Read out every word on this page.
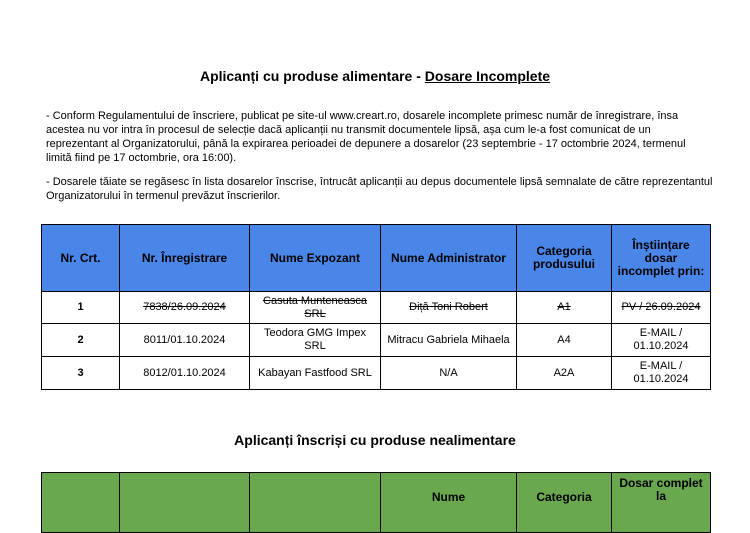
Aplicanți cu produse alimentare - Dosare Incomplete
- Conform Regulamentului de înscriere, publicat pe site-ul www.creart.ro, dosarele incomplete primesc număr de înregistrare, însa acestea nu vor intra în procesul de selecție dacă aplicanții nu transmit documentele lipsă, așa cum le-a fost comunicat de un reprezentant al Organizatorului, până la expirarea perioadei de depunere a dosarelor (23 septembrie - 17 octombrie 2024, termenul limită fiind pe 17 octombrie, ora 16:00).
- Dosarele tăiate se regăsesc în lista dosarelor înscrise, întrucât aplicanții au depus documentele lipsă semnalate de către reprezentantul Organizatorului în termenul prevăzut înscrierilor.
Nr. Crt.	Nr. Înregistrare	Nume Expozant	Nume Administrator	Categoria produsului	Înștiințare dosar incomplet prin:
1	7838/26.09.2024	Casuta Munteneasca SRL	Diță Toni Robert	A1	PV / 26.09.2024
2	8011/01.10.2024	Teodora GMG Impex SRL	Mitracu Gabriela Mihaela	A4	E-MAIL / 01.10.2024
3	8012/01.10.2024	Kabayan Fastfood SRL	N/A	A2A	E-MAIL / 01.10.2024
Aplicanți înscriși cu produse nealimentare
			Nume	Categoria	Dosar complet la
